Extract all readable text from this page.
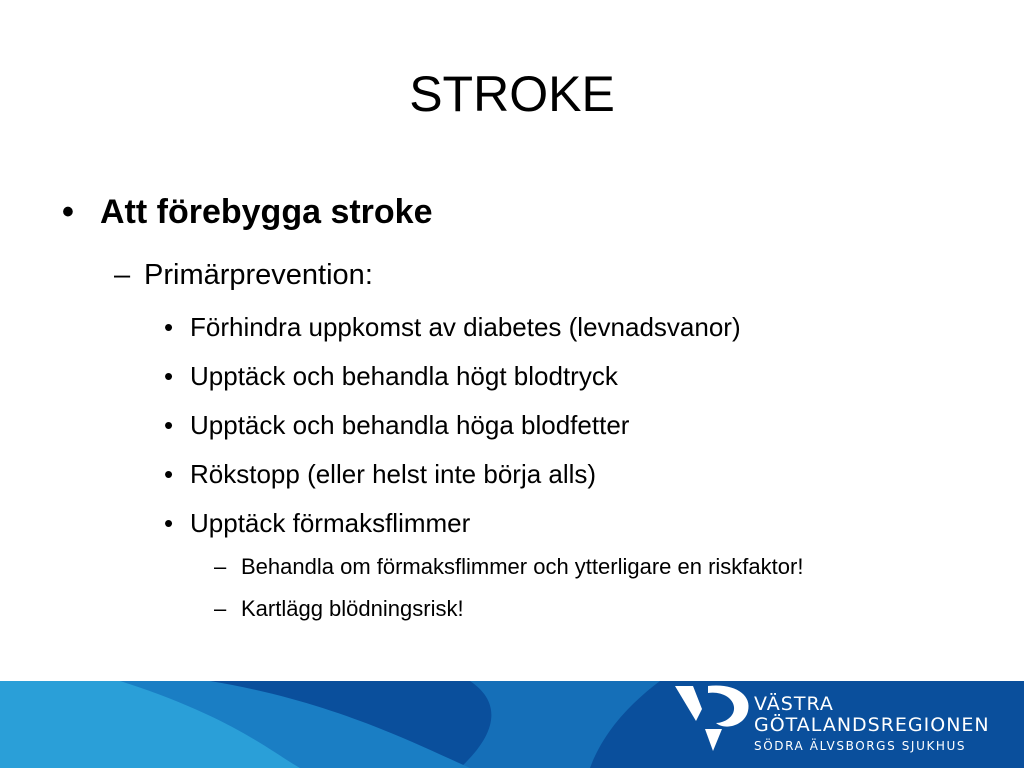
STROKE
• Att förebygga stroke
– Primärprevention:
• Förhindra uppkomst av diabetes (levnadsvanor)
• Upptäck och behandla högt blodtryck
• Upptäck och behandla höga blodfetter
• Rökstopp (eller helst inte börja alls)
• Upptäck förmaksflimmer
– Behandla om förmaksflimmer och ytterligare en riskfaktor!
– Kartlägg blödningsrisk!
VÄSTRA
GÖTALANDSREGIONEN
SÖDRA ÄLVSBORGS SJUKHUS
